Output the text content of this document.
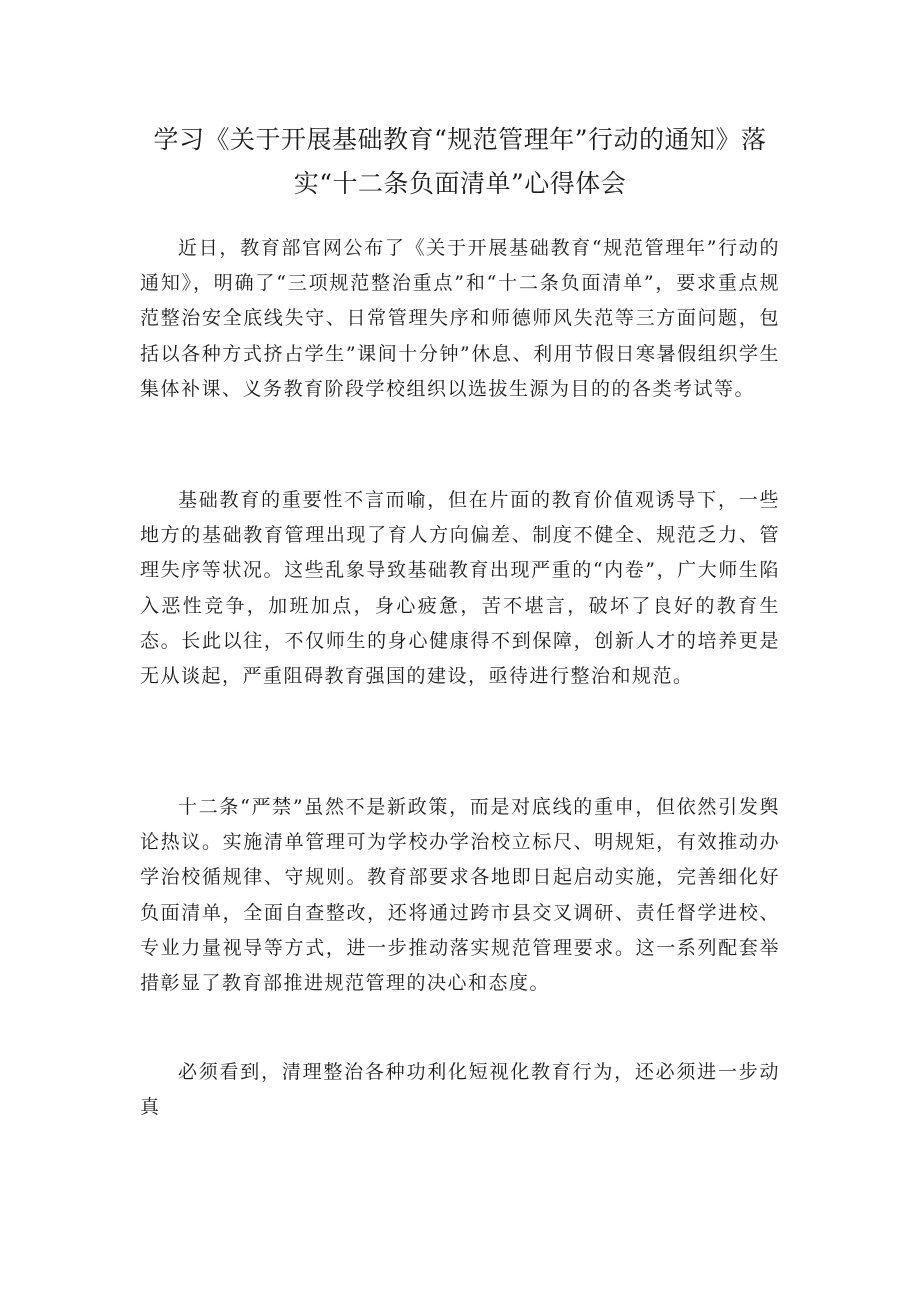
学习《关于开展基础教育“规范管理年”行动的通知》落
实“十二条负面清单”心得体会

近日，教育部官网公布了《关于开展基础教育“规范管理年”行动的通知》，明确了“三项规范整治重点”和“十二条负面清单”，要求重点规范整治安全底线失守、日常管理失序和师德师风失范等三方面问题，包括以各种方式挤占学生”课间十分钟”休息、利用节假日寒暑假组织学生集体补课、义务教育阶段学校组织以选拔生源为目的的各类考试等。

基础教育的重要性不言而喻，但在片面的教育价值观诱导下，一些地方的基础教育管理出现了育人方向偏差、制度不健全、规范乏力、管理失序等状况。这些乱象导致基础教育出现严重的“内卷”，广大师生陷入恶性竞争，加班加点，身心疲惫，苦不堪言，破坏了良好的教育生态。长此以往，不仅师生的身心健康得不到保障，创新人才的培养更是无从谈起，严重阻碍教育强国的建设，亟待进行整治和规范。

十二条“严禁”虽然不是新政策，而是对底线的重申，但依然引发舆论热议。实施清单管理可为学校办学治校立标尺、明规矩，有效推动办学治校循规律、守规则。教育部要求各地即日起启动实施，完善细化好负面清单，全面自查整改，还将通过跨市县交叉调研、责任督学进校、专业力量视导等方式，进一步推动落实规范管理要求。这一系列配套举措彰显了教育部推进规范管理的决心和态度。

必须看到，清理整治各种功利化短视化教育行为，还必须进一步动真
